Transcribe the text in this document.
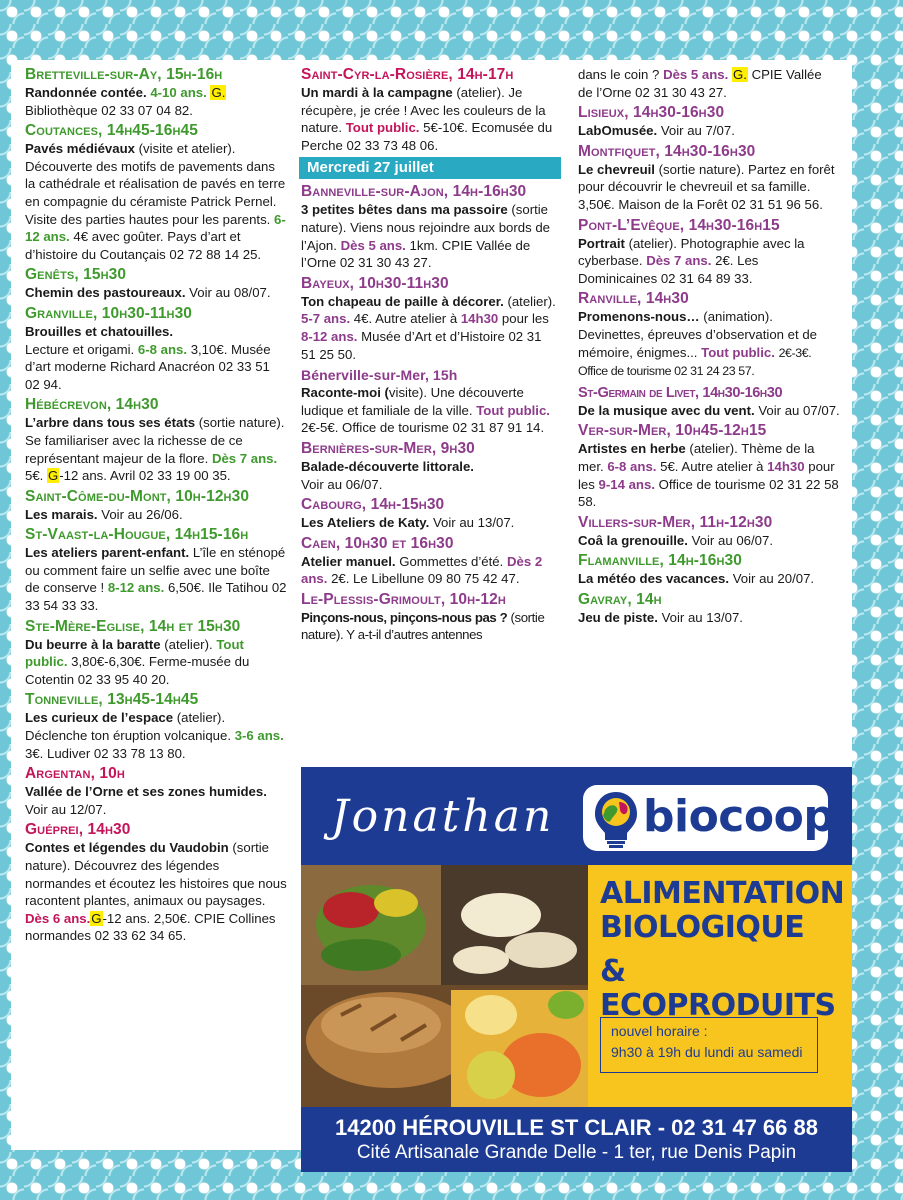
Bretteville-sur-Ay, 15h-16h

Randonnée contée. 4-10 ans. G. Bibliothèque 02 33 07 04 82.

Coutances, 14h45-16h45

Pavés médiévaux (visite et atelier). Découverte des motifs de pavements dans la cathédrale et réalisation de pavés en terre en compagnie du céramiste Patrick Pernel. Visite des parties hautes pour les parents. 6-12 ans. 4€ avec goûter. Pays d’art et d’histoire du Coutançais 02 72 88 14 25.

Genêts, 15h30

Chemin des pastoureaux. Voir au 08/07.

Granville, 10h30-11h30

Brouilles et chatouilles.
Lecture et origami. 6-8 ans. 3,10€. Musée d’art moderne Richard Anacréon 02 33 51 02 94.

Hébécrevon, 14h30

L’arbre dans tous ses états (sortie nature). Se familiariser avec la richesse de ce représentant majeur de la flore. Dès 7 ans. 5€. G-12 ans. Avril 02 33 19 00 35.

Saint-Côme-du-Mont, 10h-12h30

Les marais. Voir au 26/06.

St-Vaast-la-Hougue, 14h15-16h

Les ateliers parent-enfant. L’île en sténopé ou comment faire un selfie avec une boîte de conserve ! 8-12 ans. 6,50€. Ile Tatihou 02 33 54 33 33.

Ste-Mère-Eglise, 14h et 15h30

Du beurre à la baratte (atelier). Tout public. 3,80€-6,30€. Ferme-musée du Cotentin 02 33 95 40 20.

Tonneville, 13h45-14h45

Les curieux de l’espace (atelier). Déclenche ton éruption volcanique. 3-6 ans. 3€. Ludiver 02 33 78 13 80.

Argentan, 10h

Vallée de l’Orne et ses zones humides. Voir au 12/07.

Guéprei, 14h30

Contes et légendes du Vaudobin (sortie nature). Découvrez des légendes normandes et écoutez les histoires que nous racontent plantes, animaux ou paysages. Dès 6 ans.G-12 ans. 2,50€. CPIE Collines normandes 02 33 62 34 65.

Saint-Cyr-la-Rosière, 14h-17h

Un mardi à la campagne (atelier). Je récupère, je crée ! Avec les couleurs de la nature. Tout public. 5€-10€. Ecomusée du Perche 02 33 73 48 06.

Mercredi 27 juillet
Banneville-sur-Ajon, 14h-16h30

3 petites bêtes dans ma passoire (sortie nature). Viens nous rejoindre aux bords de l’Ajon. Dès 5 ans. 1km. CPIE Vallée de l’Orne 02 31 30 43 27.

Bayeux, 10h30-11h30

Ton chapeau de paille à décorer. (atelier). 5-7 ans. 4€. Autre atelier à 14h30 pour les 8-12 ans. Musée d’Art et d’Histoire 02 31 51 25 50.

Bénerville-sur-Mer, 15h

Raconte-moi (visite). Une découverte ludique et familiale de la ville. Tout public. 2€-5€. Office de tourisme 02 31 87 91 14.

Bernières-sur-Mer, 9h30

Balade-découverte littorale.
Voir au 06/07.

Cabourg, 14h-15h30

Les Ateliers de Katy. Voir au 13/07.

Caen, 10h30 et 16h30

Atelier manuel. Gommettes d’été. Dès 2 ans. 2€. Le Libellune 09 80 75 42 47.

Le-Plessis-Grimoult, 10h-12h

Pinçons-nous, pinçons-nous pas ? (sortie nature). Y a-t-il d’autres antennes

dans le coin ? Dès 5 ans. G. CPIE Vallée de l’Orne 02 31 30 43 27.

Lisieux, 14h30-16h30

LabOmusée. Voir au 7/07.

Montfiquet, 14h30-16h30

Le chevreuil (sortie nature). Partez en forêt pour découvrir le chevreuil et sa famille. 3,50€. Maison de la Forêt 02 31 51 96 56.

Pont-L’Evêque, 14h30-16h15

Portrait (atelier). Photographie avec la cyberbase. Dès 7 ans. 2€. Les Dominicaines 02 31 64 89 33.

Ranville, 14h30

Promenons-nous… (animation). Devinettes, épreuves d’observation et de mémoire, énigmes... Tout public. 2€-3€. Office de tourisme 02 31 24 23 57.

St-Germain de Livet, 14h30-16h30

De la musique avec du vent. Voir au 07/07.

Ver-sur-Mer, 10h45-12h15

Artistes en herbe (atelier). Thème de la mer. 6-8 ans. 5€. Autre atelier à 14h30 pour les 9-14 ans. Office de tourisme 02 31 22 58 58.

Villers-sur-Mer, 11h-12h30

Coâ la grenouille. Voir au 06/07.

Flamanville, 14h-16h30

La météo des vacances. Voir au 20/07.

Gavray, 14h

Jeu de piste. Voir au 13/07.

Jonathan biocoop
ALIMENTATION
BIOLOGIQUE
& ECOPRODUITS
nouvel horaire :
9h30 à 19h du lundi au samedi
14200 HÉROUVILLE ST CLAIR - 02 31 47 66 88
Cité Artisanale Grande Delle - 1 ter, rue Denis Papin
